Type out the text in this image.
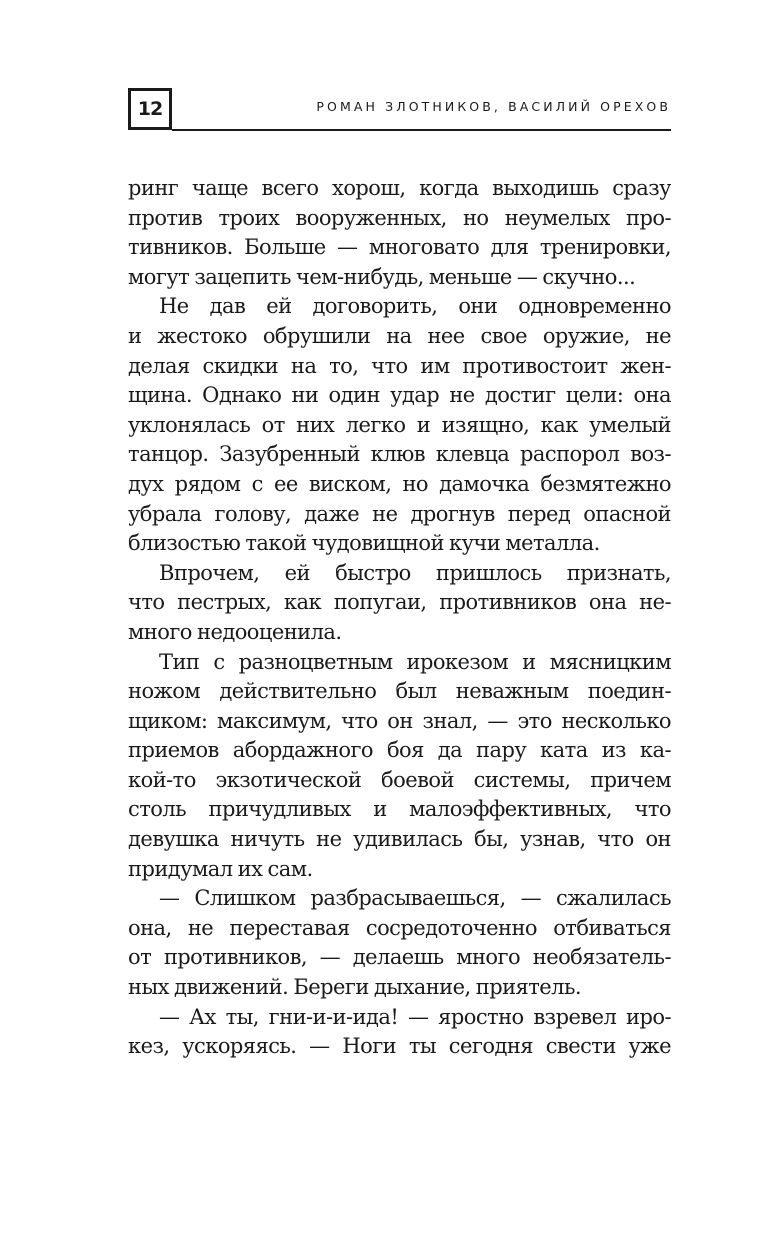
12	РОМАН ЗЛОТНИКОВ, ВАСИЛИЙ ОРЕХОВ
ринг чаще всего хорош, когда выходишь сразу
против троих вооруженных, но неумелых про-
тивников. Больше — многовато для тренировки,
могут зацепить чем-нибудь, меньше — скучно...
Не дав ей договорить, они одновременно
и жестоко обрушили на нее свое оружие, не
делая скидки на то, что им противостоит жен-
щина. Однако ни один удар не достиг цели: она
уклонялась от них легко и изящно, как умелый
танцор. Зазубренный клюв клевца распорол воз-
дух рядом с ее виском, но дамочка безмятежно
убрала голову, даже не дрогнув перед опасной
близостью такой чудовищной кучи металла.
Впрочем, ей быстро пришлось признать,
что пестрых, как попугаи, противников она не-
много недооценила.
Тип с разноцветным ирокезом и мясницким
ножом действительно был неважным поедин-
щиком: максимум, что он знал, — это несколько
приемов абордажного боя да пару ката из ка-
кой-то экзотической боевой системы, причем
столь причудливых и малоэффективных, что
девушка ничуть не удивилась бы, узнав, что он
придумал их сам.
— Слишком разбрасываешься, — сжалилась
она, не переставая сосредоточенно отбиваться
от противников, — делаешь много необязатель-
ных движений. Береги дыхание, приятель.
— Ах ты, гни-и-и-ида! — яростно взревел иро-
кез, ускоряясь. — Ноги ты сегодня свести уже
